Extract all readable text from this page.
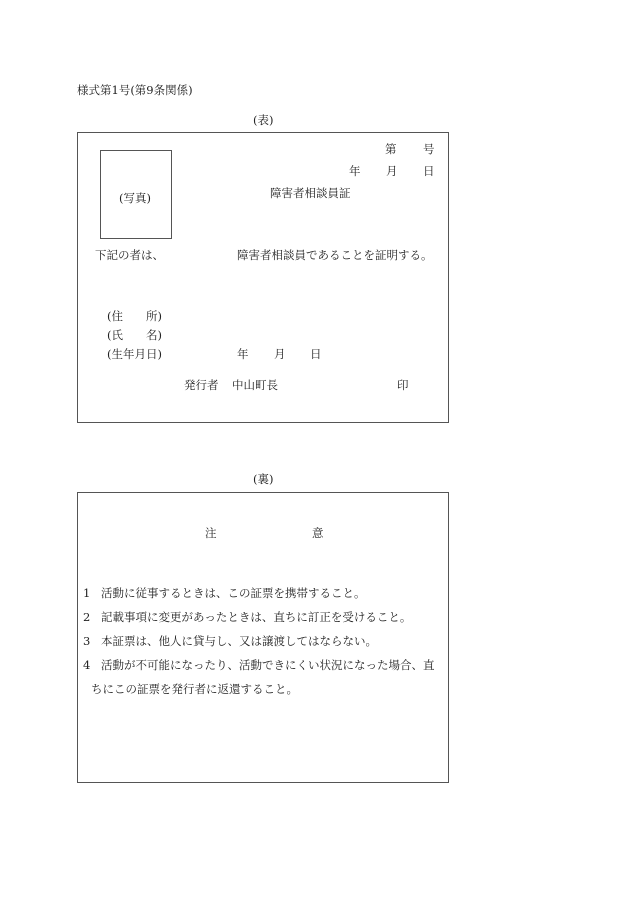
様式第1号(第9条関係)
(表)
第 号
年 月 日
(写真)	障害者相談員証
下記の者は、	障害者相談員であることを証明する。
(住　　所)
(氏　　名)
(生年月日)	年 月 日
発行者 中山町長	印
(裏)
注	意
1 活動に従事するときは、この証票を携帯すること。
2 記載事項に変更があったときは、直ちに訂正を受けること。
3 本証票は、他人に貸与し、又は譲渡してはならない。
4 活動が不可能になったり、活動できにくい状況になった場合、直
ちにこの証票を発行者に返還すること。
